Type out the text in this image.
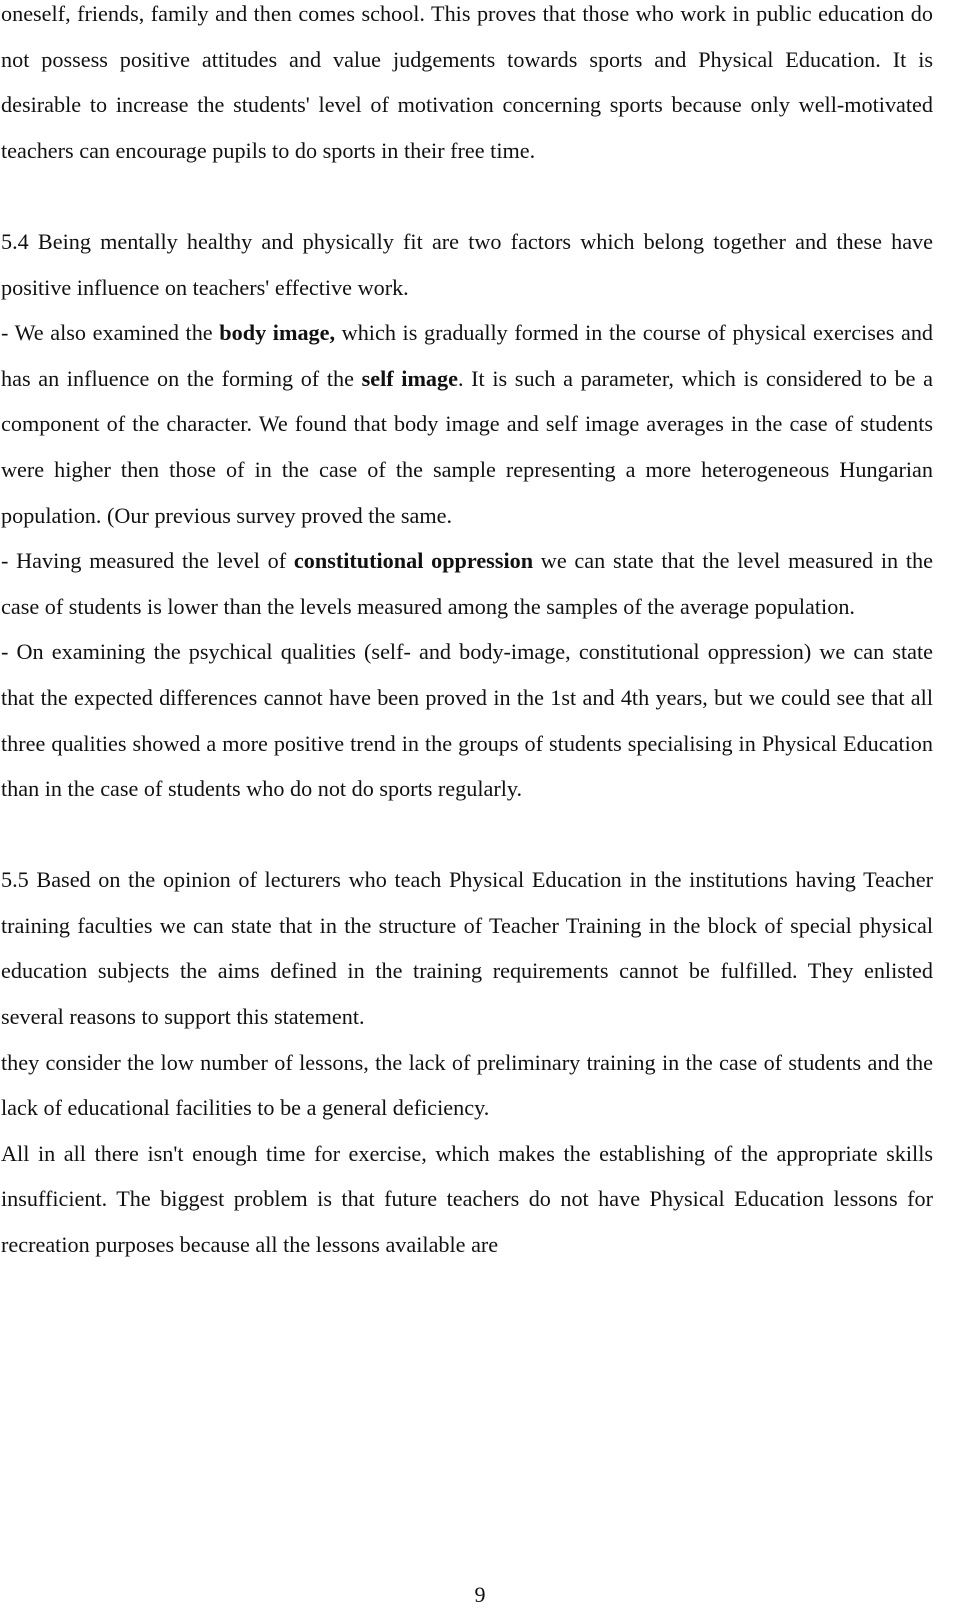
oneself, friends, family and then comes school. This proves that those who work in public education do not possess positive attitudes and value judgements towards sports and Physical Education. It is desirable to increase the students' level of motivation concerning sports because only well-motivated teachers can encourage pupils to do sports in their free time.

5.4 Being mentally healthy and physically fit are two factors which belong together and these have positive influence on teachers' effective work.

- We also examined the body image, which is gradually formed in the course of physical exercises and has an influence on the forming of the self image. It is such a parameter, which is considered to be a component of the character. We found that body image and self image averages in the case of students were higher then those of in the case of the sample representing a more heterogeneous Hungarian population. (Our previous survey proved the same.

- Having measured the level of constitutional oppression we can state that the level measured in the case of students is lower than the levels measured among the samples of the average population.

- On examining the psychical qualities (self- and body-image, constitutional oppression) we can state that the expected differences cannot have been proved in the 1st and 4th years, but we could see that all three qualities showed a more positive trend in the groups of students specialising in Physical Education than in the case of students who do not do sports regularly.

5.5 Based on the opinion of lecturers who teach Physical Education in the institutions having Teacher training faculties we can state that in the structure of Teacher Training in the block of special physical education subjects the aims defined in the training requirements cannot be fulfilled. They enlisted several reasons to support this statement.

they consider the low number of lessons, the lack of preliminary training in the case of students and the lack of educational facilities to be a general deficiency.

All in all there isn't enough time for exercise, which makes the establishing of the appropriate skills insufficient. The biggest problem is that future teachers do not have Physical Education lessons for recreation purposes because all the lessons available are

9
